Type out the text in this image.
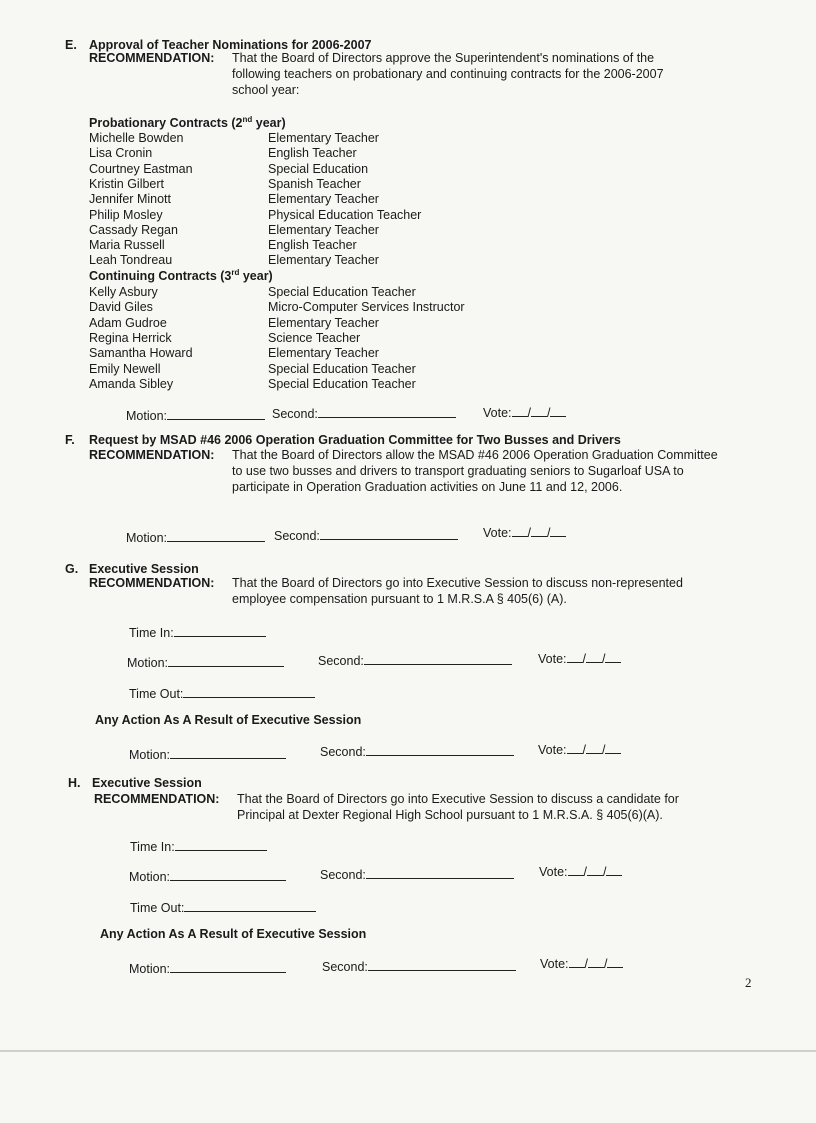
E. Approval of Teacher Nominations for 2006-2007
RECOMMENDATION: That the Board of Directors approve the Superintendent's nominations of the following teachers on probationary and continuing contracts for the 2006-2007 school year:
Probationary Contracts (2nd year)
Michelle Bowden	Elementary Teacher
Lisa Cronin	English Teacher
Courtney Eastman	Special Education
Kristin Gilbert	Spanish Teacher
Jennifer Minott	Elementary Teacher
Philip Mosley	Physical Education Teacher
Cassady Regan	Elementary Teacher
Maria Russell	English Teacher
Leah Tondreau	Elementary Teacher
Continuing Contracts (3rd year)
Kelly Asbury	Special Education Teacher
David Giles	Micro-Computer Services Instructor
Adam Gudroe	Elementary Teacher
Regina Herrick	Science Teacher
Samantha Howard	Elementary Teacher
Emily Newell	Special Education Teacher
Amanda Sibley	Special Education Teacher
Motion:	Second:	Vote: / /
F. Request by MSAD #46 2006 Operation Graduation Committee for Two Busses and Drivers
RECOMMENDATION: That the Board of Directors allow the MSAD #46 2006 Operation Graduation Committee to use two busses and drivers to transport graduating seniors to Sugarloaf USA to participate in Operation Graduation activities on June 11 and 12, 2006.
Motion:	Second:	Vote: / /
G. Executive Session
RECOMMENDATION: That the Board of Directors go into Executive Session to discuss non-represented employee compensation pursuant to 1 M.R.S.A § 405(6) (A).
Time In:
Motion:	Second:	Vote: / /
Time Out:
Any Action As A Result of Executive Session
Motion:	Second:	Vote: / /
H. Executive Session
RECOMMENDATION: That the Board of Directors go into Executive Session to discuss a candidate for Principal at Dexter Regional High School pursuant to 1 M.R.S.A. § 405(6)(A).
Time In:
Motion:	Second:	Vote: / /
Time Out:
Any Action As A Result of Executive Session
Motion:	Second:	Vote: / /
2
